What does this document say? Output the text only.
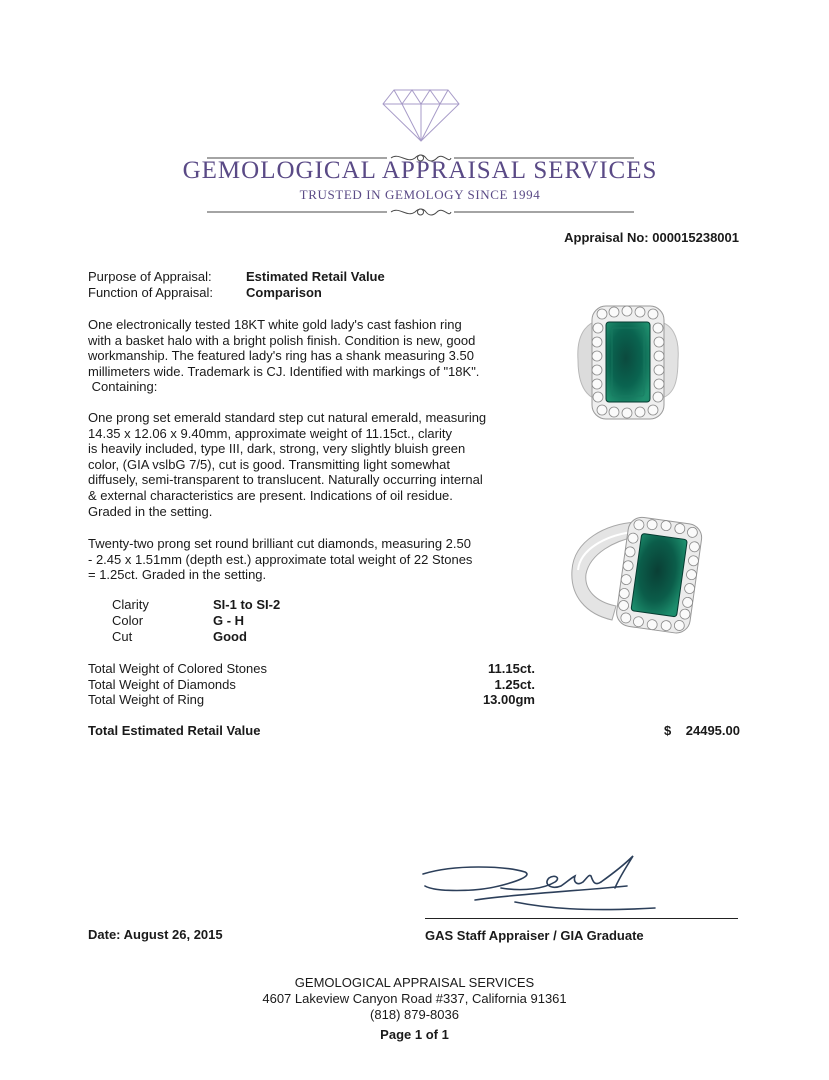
GEMOLOGICAL APPRAISAL SERVICES
TRUSTED IN GEMOLOGY SINCE 1994
Appraisal No: 000015238001
Purpose of Appraisal:	Estimated Retail Value
Function of Appraisal:	Comparison
One electronically tested 18KT white gold lady's cast fashion ring
with a basket halo with a bright polish finish. Condition is new, good
workmanship. The featured lady's ring has a shank measuring 3.50
millimeters wide. Trademark is CJ. Identified with markings of "18K".
Containing:
One prong set emerald standard step cut natural emerald, measuring
14.35 x 12.06 x 9.40mm, approximate weight of 11.15ct., clarity
is heavily included, type III, dark, strong, very slightly bluish green
color, (GIA vslbG 7/5), cut is good. Transmitting light somewhat
diffusely, semi-transparent to translucent. Naturally occurring internal
& external characteristics are present. Indications of oil residue.
Graded in the setting.
Twenty-two prong set round brilliant cut diamonds, measuring 2.50
- 2.45 x 1.51mm (depth est.) approximate total weight of 22 Stones
= 1.25ct. Graded in the setting.
Clarity	SI-1 to SI-2
Color	G - H
Cut	Good
Total Weight of Colored Stones	11.15ct.
Total Weight of Diamonds	1.25ct.
Total Weight of Ring	13.00gm
Total Estimated Retail Value	$ 24495.00
Date: August 26, 2015	GAS Staff Appraiser / GIA Graduate
GEMOLOGICAL APPRAISAL SERVICES
4607 Lakeview Canyon Road #337, California 91361
(818) 879-8036
Page 1 of 1
